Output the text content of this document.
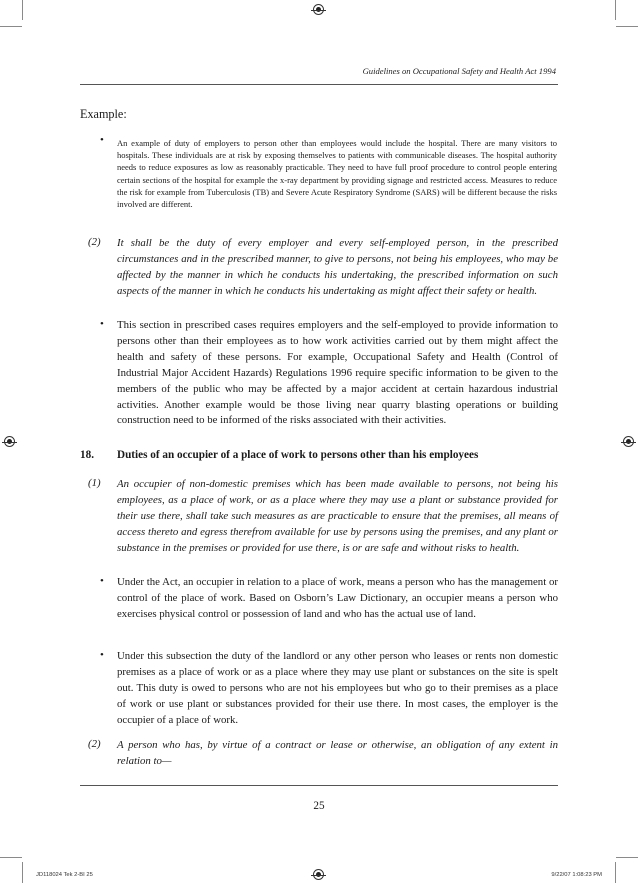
Guidelines on Occupational Safety and Health Act 1994
Example:
• An example of duty of employers to person other than employees would include the hospital. There are many visitors to hospitals. These individuals are at risk by exposing themselves to patients with communicable diseases. The hospital authority needs to reduce exposures as low as reasonably practicable. They need to have full proof procedure to control people entering certain sections of the hospital for example the x-ray department by providing signage and restricted access. Measures to reduce the risk for example from Tuberculosis (TB) and Severe Acute Respiratory Syndrome (SARS) will be different because the risks involved are different.
(2) It shall be the duty of every employer and every self-employed person, in the prescribed circumstances and in the prescribed manner, to give to persons, not being his employees, who may be affected by the manner in which he conducts his undertaking, the prescribed information on such aspects of the manner in which he conducts his undertaking as might affect their safety or health.
• This section in prescribed cases requires employers and the self-employed to provide information to persons other than their employees as to how work activities carried out by them might affect the health and safety of these persons. For example, Occupational Safety and Health (Control of Industrial Major Accident Hazards) Regulations 1996 require specific information to be given to the members of the public who may be affected by a major accident at certain hazardous industrial activities. Another example would be those living near quarry blasting operations or building construction need to be informed of the risks associated with their activities.
18. Duties of an occupier of a place of work to persons other than his employees
(1) An occupier of non-domestic premises which has been made available to persons, not being his employees, as a place of work, or as a place where they may use a plant or substance provided for their use there, shall take such measures as are practicable to ensure that the premises, all means of access thereto and egress therefrom available for use by persons using the premises, and any plant or substance in the premises or provided for use there, is or are safe and without risks to health.
• Under the Act, an occupier in relation to a place of work, means a person who has the management or control of the place of work. Based on Osborn’s Law Dictionary, an occupier means a person who exercises physical control or possession of land and who has the actual use of land.
• Under this subsection the duty of the landlord or any other person who leases or rents non domestic premises as a place of work or as a place where they may use plant or substances on the site is spelt out. This duty is owed to persons who are not his employees but who go to their premises as a place of work or use plant or substances provided for their use there. In most cases, the employer is the occupier of a place of work.
(2) A person who has, by virtue of a contract or lease or otherwise, an obligation of any extent in relation to—
25
JD118024 Tek 2-BI 25	9/22/07 1:08:23 PM
